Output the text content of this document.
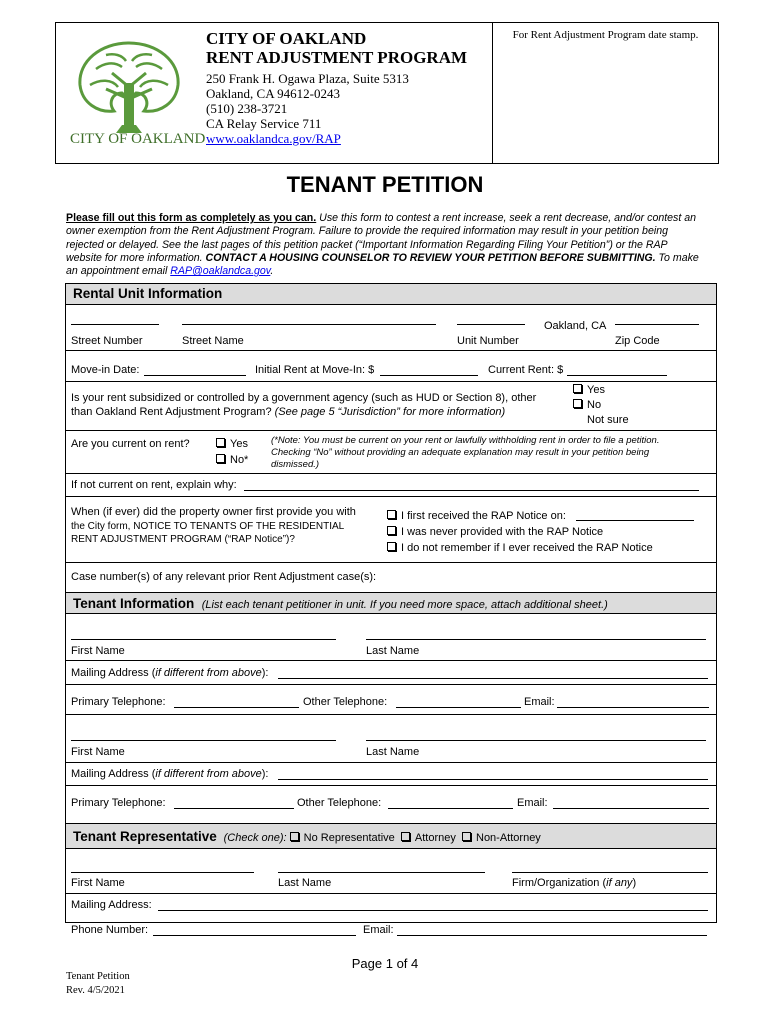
CITY OF OAKLAND
CITY OF OAKLAND
RENT ADJUSTMENT PROGRAM
250 Frank H. Ogawa Plaza, Suite 5313
Oakland, CA 94612-0243
(510) 238-3721
CA Relay Service 711
www.oaklandca.gov/RAP
For Rent Adjustment Program date stamp.
TENANT PETITION
Please fill out this form as completely as you can. Use this form to contest a rent increase, seek a rent decrease, and/or contest an owner exemption from the Rent Adjustment Program. Failure to provide the required information may result in your petition being rejected or delayed. See the last pages of this petition packet (“Important Information Regarding Filing Your Petition”) or the RAP website for more information. CONTACT A HOUSING COUNSELOR TO REVIEW YOUR PETITION BEFORE SUBMITTING. To make an appointment email RAP@oaklandca.gov.
Rental Unit Information
Oakland, CA
Street Number	Street Name	Unit Number	Zip Code
Move-in Date:	Initial Rent at Move-In: $	Current Rent: $
Is your rent subsidized or controlled by a government agency (such as HUD or Section 8), other
than Oakland Rent Adjustment Program? (See page 5 “Jurisdiction” for more information)
Yes
No
Not sure
Are you current on rent?	Yes
No*
(*Note: You must be current on your rent or lawfully withholding rent in order to file a petition.
Checking “No” without providing an adequate explanation may result in your petition being
dismissed.)
If not current on rent, explain why:
When (if ever) did the property owner first provide you with
the City form, NOTICE TO TENANTS OF THE RESIDENTIAL
RENT ADJUSTMENT PROGRAM (“RAP Notice”)?
I first received the RAP Notice on:
I was never provided with the RAP Notice
I do not remember if I ever received the RAP Notice
Case number(s) of any relevant prior Rent Adjustment case(s):
Tenant Information (List each tenant petitioner in unit. If you need more space, attach additional sheet.)
First Name	Last Name
Mailing Address (if different from above):
Primary Telephone:	Other Telephone:	Email:
First Name	Last Name
Mailing Address (if different from above):
Primary Telephone:	Other Telephone:	Email:
Tenant Representative (Check one): No Representative Attorney Non-Attorney
First Name	Last Name	Firm/Organization (if any)
Mailing Address:
Phone Number:	Email:
Page 1 of 4
Tenant Petition
Rev. 4/5/2021
